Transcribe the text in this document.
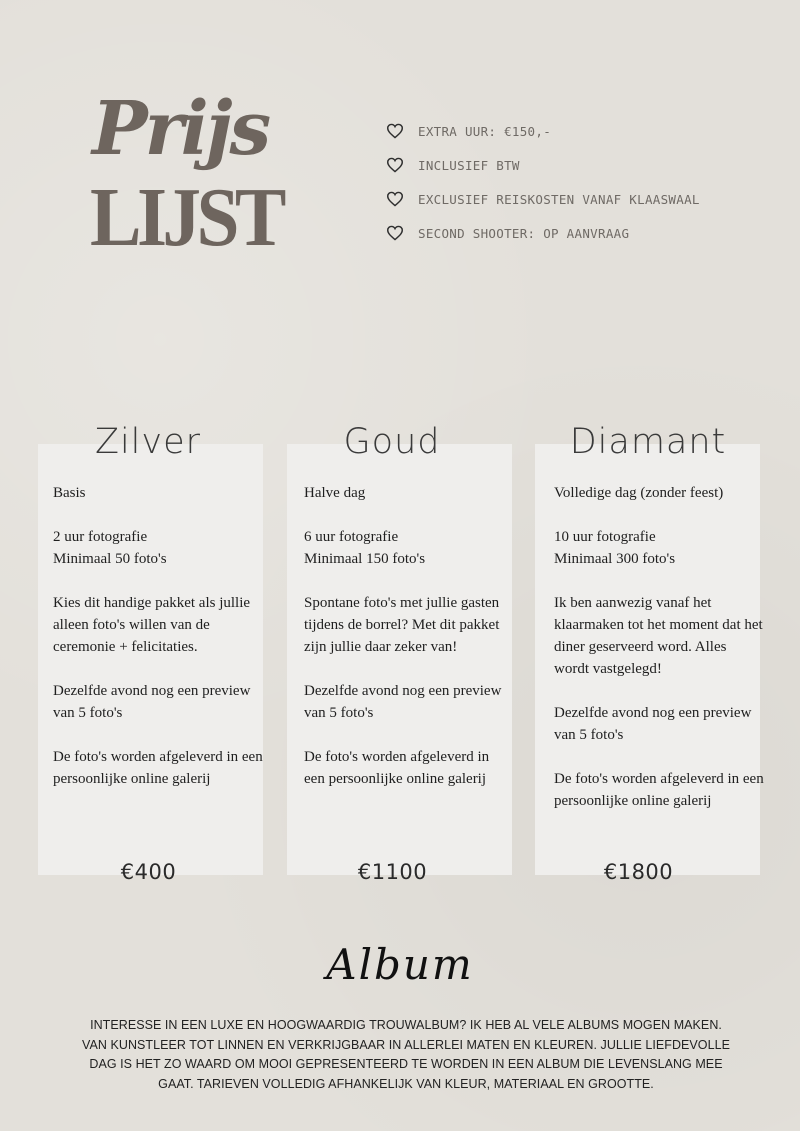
Prijs
LIJST
EXTRA UUR: €150,-
INCLUSIEF BTW
EXCLUSIEF REISKOSTEN VANAF KLAASWAAL
SECOND SHOOTER: OP AANVRAAG
Zilver	Goud	Diamant

Basis

2 uur fotografie
Minimaal 50 foto's

Kies dit handige pakket als jullie alleen foto's willen van de ceremonie + felicitaties.

Dezelfde avond nog een preview van 5 foto's

De foto's worden afgeleverd in een persoonlijke online galerij

Halve dag

6 uur fotografie
Minimaal 150 foto's

Spontane foto's met jullie gasten tijdens de borrel? Met dit pakket zijn jullie daar zeker van!

Dezelfde avond nog een preview van 5 foto's

De foto's worden afgeleverd in een persoonlijke online galerij

Volledige dag (zonder feest)

10 uur fotografie
Minimaal 300 foto's

Ik ben aanwezig vanaf het klaarmaken tot het moment dat het diner geserveerd word. Alles wordt vastgelegd!

Dezelfde avond nog een preview van 5 foto's

De foto's worden afgeleverd in een persoonlijke online galerij

€400	€1100	€1800
Album
INTERESSE IN EEN LUXE EN HOOGWAARDIG TROUWALBUM? IK HEB AL VELE ALBUMS MOGEN MAKEN. VAN KUNSTLEER TOT LINNEN EN VERKRIJGBAAR IN ALLERLEI MATEN EN KLEUREN. JULLIE LIEFDEVOLLE DAG IS HET ZO WAARD OM MOOI GEPRESENTEERD TE WORDEN IN EEN ALBUM DIE LEVENSLANG MEE GAAT. TARIEVEN VOLLEDIG AFHANKELIJK VAN KLEUR, MATERIAAL EN GROOTTE.
